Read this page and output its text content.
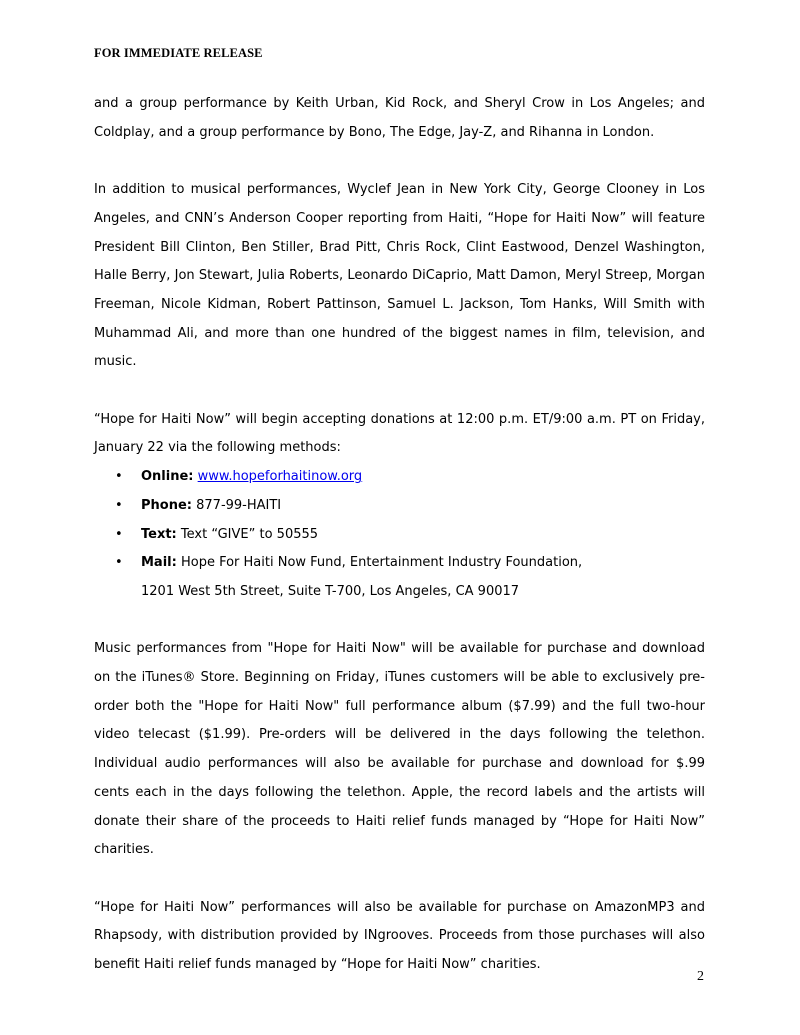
FOR IMMEDIATE RELEASE

and a group performance by Keith Urban, Kid Rock, and Sheryl Crow in Los Angeles; and Coldplay, and a group performance by Bono, The Edge, Jay-Z, and Rihanna in London.

In addition to musical performances, Wyclef Jean in New York City, George Clooney in Los Angeles, and CNN’s Anderson Cooper reporting from Haiti, “Hope for Haiti Now” will feature President Bill Clinton, Ben Stiller, Brad Pitt, Chris Rock, Clint Eastwood, Denzel Washington, Halle Berry, Jon Stewart, Julia Roberts, Leonardo DiCaprio, Matt Damon, Meryl Streep, Morgan Freeman, Nicole Kidman, Robert Pattinson, Samuel L. Jackson, Tom Hanks, Will Smith with Muhammad Ali, and more than one hundred of the biggest names in film, television, and music.

“Hope for Haiti Now” will begin accepting donations at 12:00 p.m. ET/9:00 a.m. PT on Friday, January 22 via the following methods:

• Online: www.hopeforhaitinow.org
• Phone: 877-99-HAITI
• Text: Text “GIVE” to 50555
• Mail: Hope For Haiti Now Fund, Entertainment Industry Foundation,
1201 West 5th Street, Suite T-700, Los Angeles, CA 90017

Music performances from "Hope for Haiti Now" will be available for purchase and download on the iTunes® Store. Beginning on Friday, iTunes customers will be able to exclusively pre-order both the "Hope for Haiti Now" full performance album ($7.99) and the full two-hour video telecast ($1.99). Pre-orders will be delivered in the days following the telethon. Individual audio performances will also be available for purchase and download for $.99 cents each in the days following the telethon. Apple, the record labels and the artists will donate their share of the proceeds to Haiti relief funds managed by “Hope for Haiti Now” charities.

“Hope for Haiti Now” performances will also be available for purchase on AmazonMP3 and Rhapsody, with distribution provided by INgrooves. Proceeds from those purchases will also benefit Haiti relief funds managed by “Hope for Haiti Now” charities.

2
